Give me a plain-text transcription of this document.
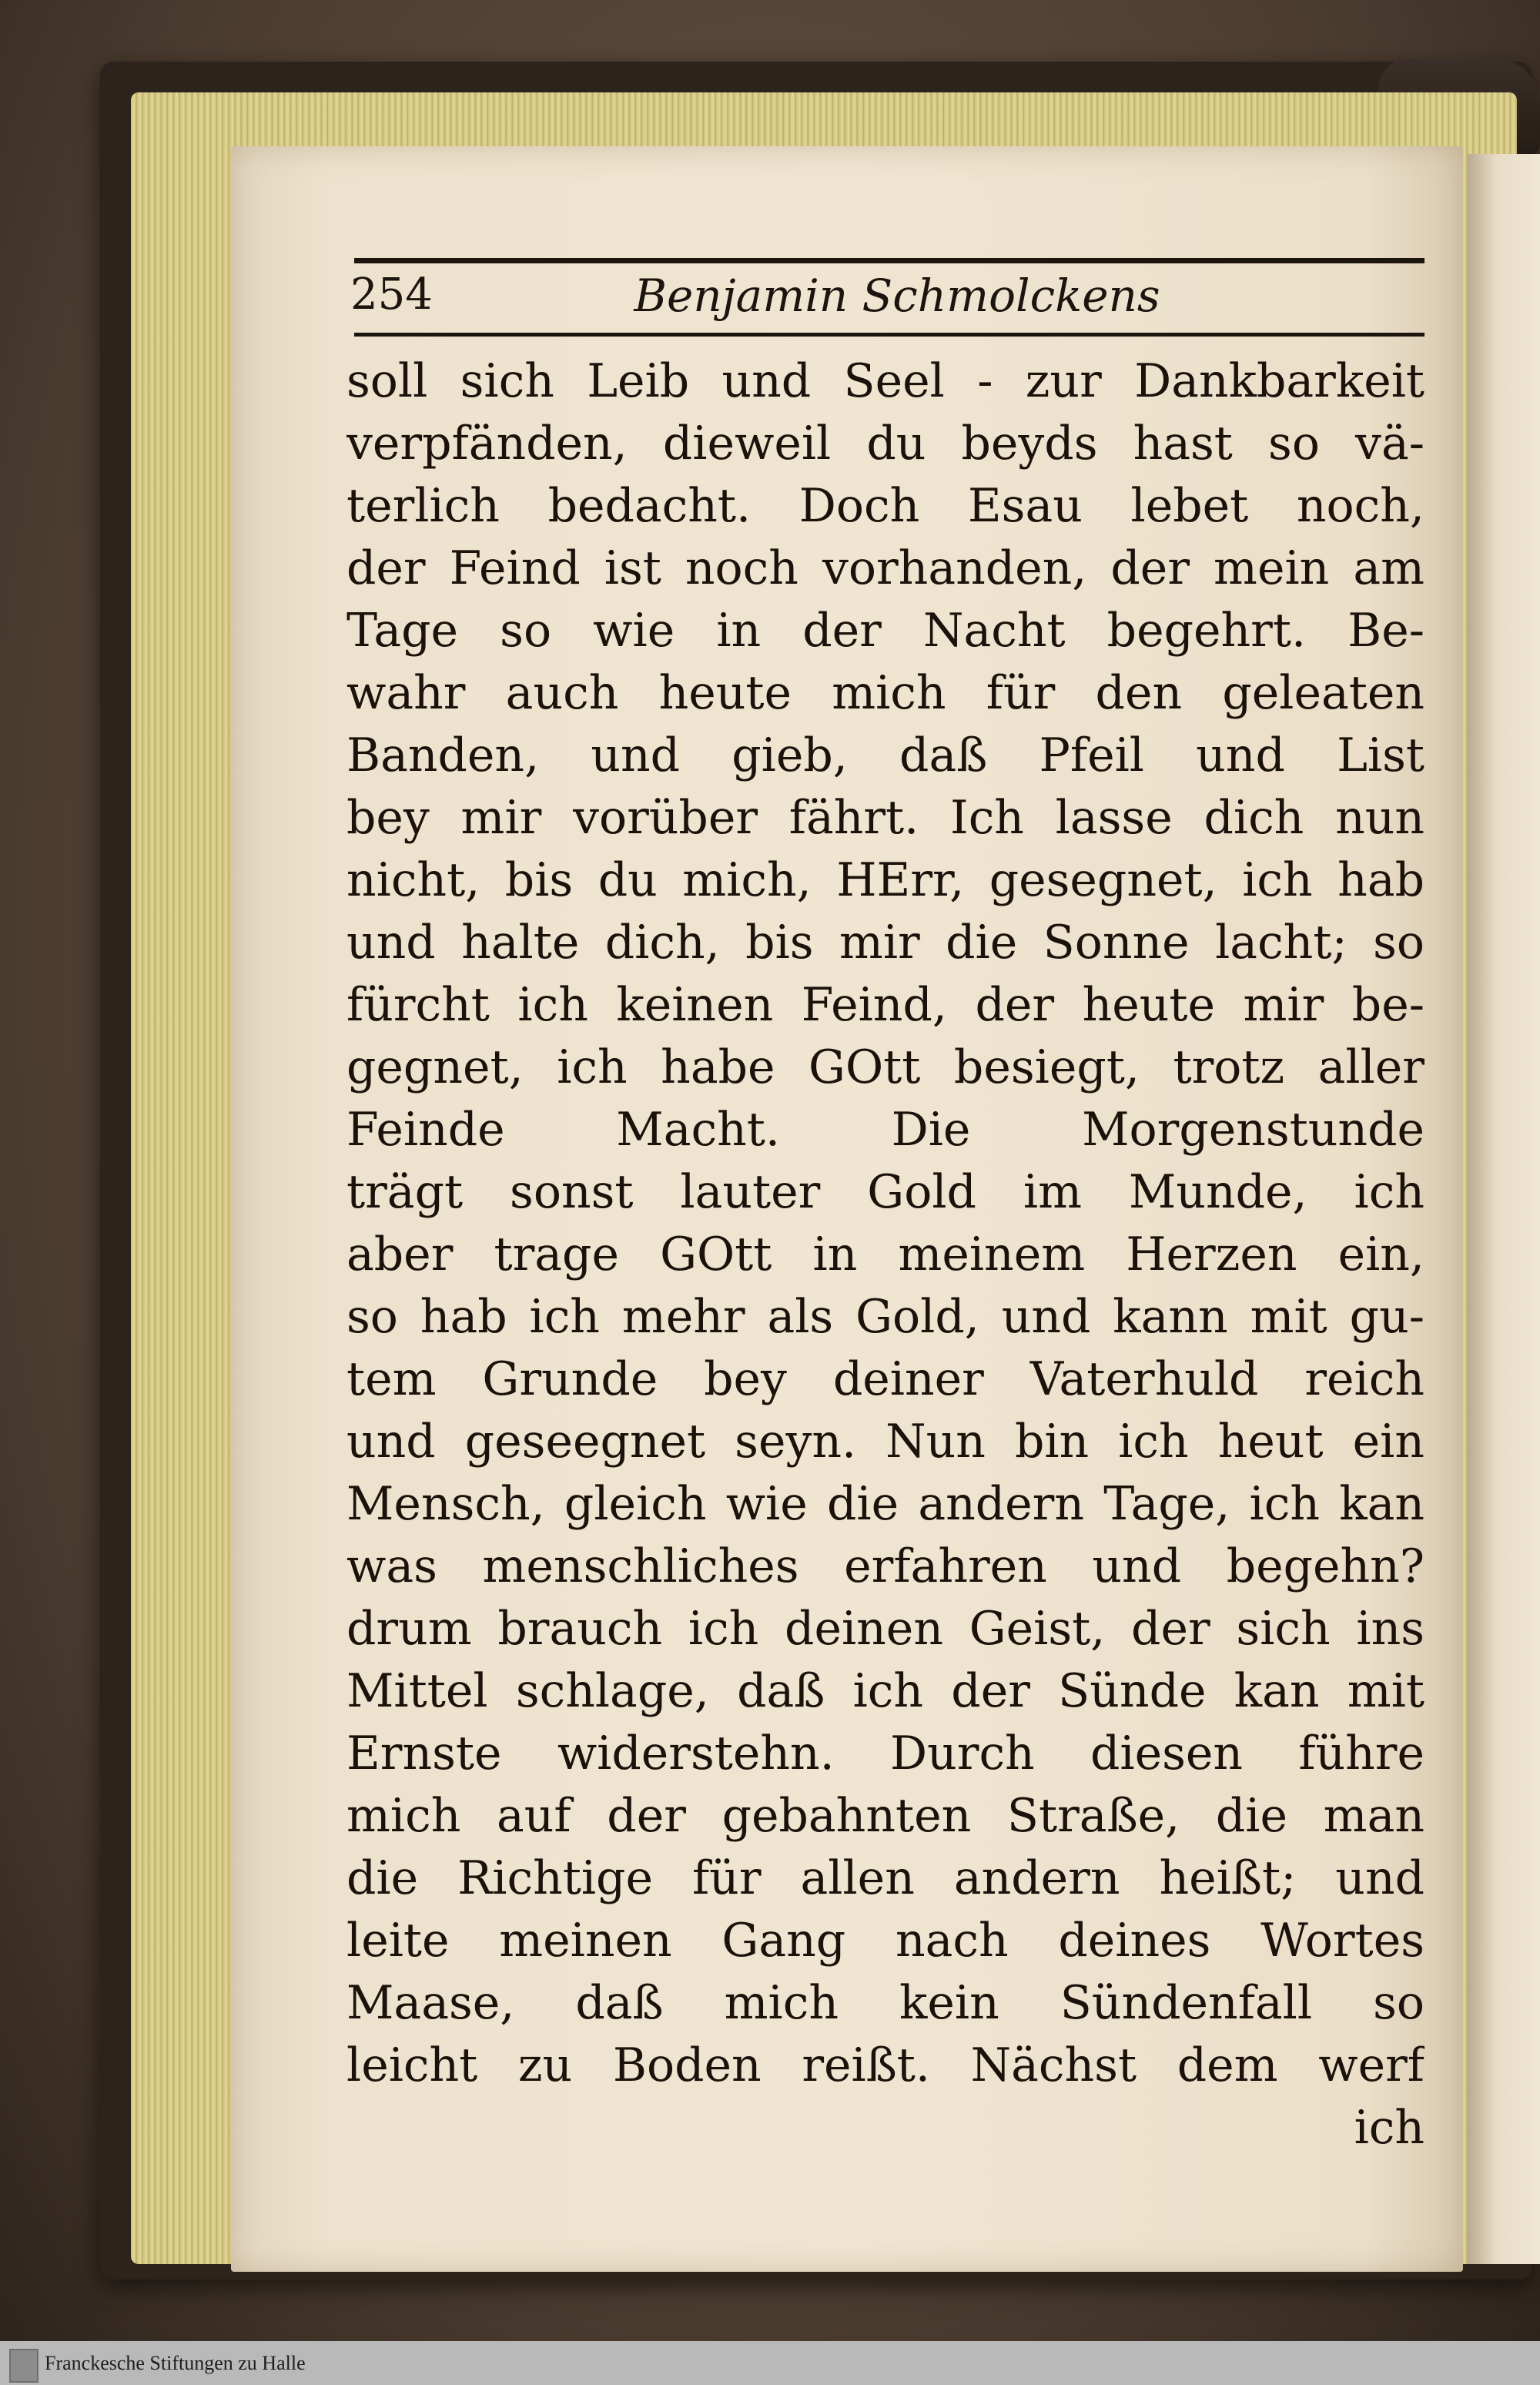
254	Benjamin Schmolckens
soll sich Leib und Seel - zur Dankbarkeit
verpfänden, dieweil du beyds hast so vä-
terlich bedacht. Doch Esau lebet noch,
der Feind ist noch vorhanden, der mein am
Tage so wie in der Nacht begehrt. Be-
wahr auch heute mich für den geleaten
Banden, und gieb, daß Pfeil und List
bey mir vorüber fährt. Ich lasse dich nun
nicht, bis du mich, HErr, gesegnet, ich hab
und halte dich, bis mir die Sonne lacht; so
fürcht ich keinen Feind, der heute mir be-
gegnet, ich habe GOtt besiegt, trotz aller
Feinde Macht. Die Morgenstunde
trägt sonst lauter Gold im Munde, ich
aber trage GOtt in meinem Herzen ein,
so hab ich mehr als Gold, und kann mit gu-
tem Grunde bey deiner Vaterhuld reich
und geseegnet seyn. Nun bin ich heut ein
Mensch, gleich wie die andern Tage, ich kan
was menschliches erfahren und begehn?
drum brauch ich deinen Geist, der sich ins
Mittel schlage, daß ich der Sünde kan mit
Ernste widerstehn. Durch diesen führe
mich auf der gebahnten Straße, die man
die Richtige für allen andern heißt; und
leite meinen Gang nach deines Wortes
Maase, daß mich kein Sündenfall so
leicht zu Boden reißt. Nächst dem werf
ich
Franckesche Stiftungen zu Halle
